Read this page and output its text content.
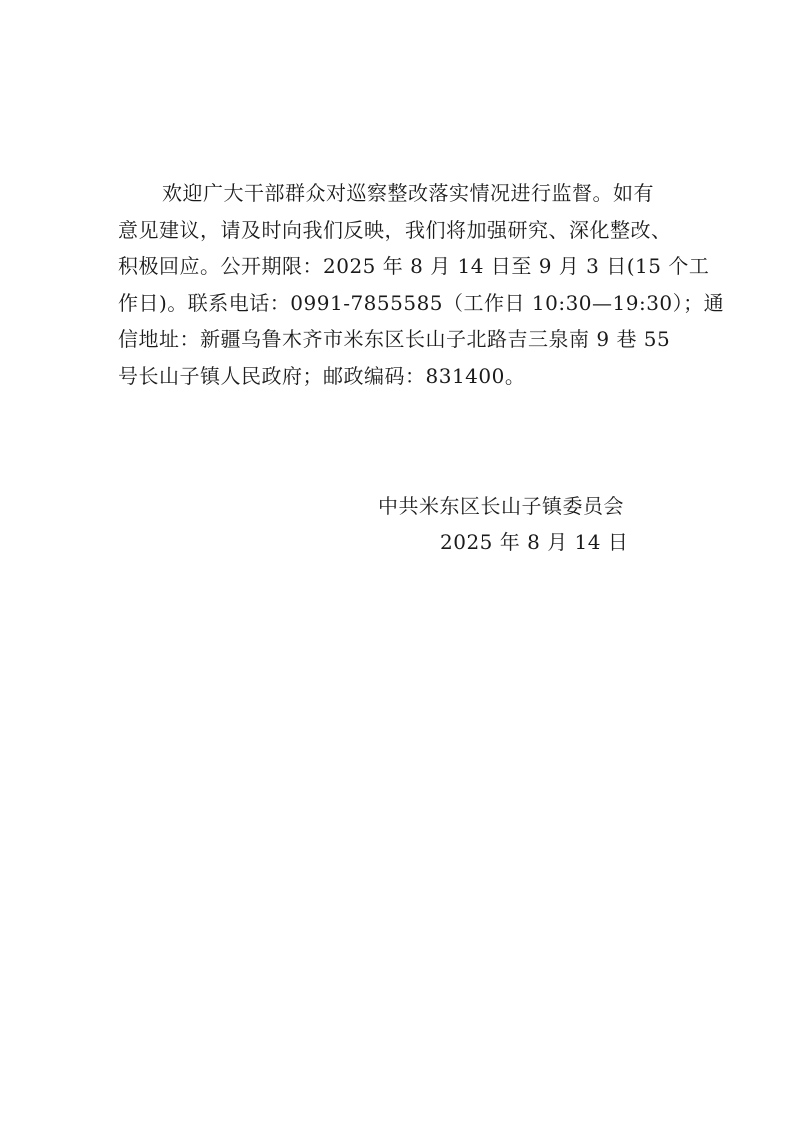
欢迎广大干部群众对巡察整改落实情况进行监督。如有
意见建议，请及时向我们反映，我们将加强研究、深化整改、
积极回应。公开期限：2025 年 8 月 14 日至 9 月 3 日(15 个工
作日)。联系电话：0991-7855585（工作日 10:30—19:30）；通
信地址：新疆乌鲁木齐市米东区长山子北路吉三泉南 9 巷 55
号长山子镇人民政府；邮政编码：831400。
中共米东区长山子镇委员会
2025 年 8 月 14 日
